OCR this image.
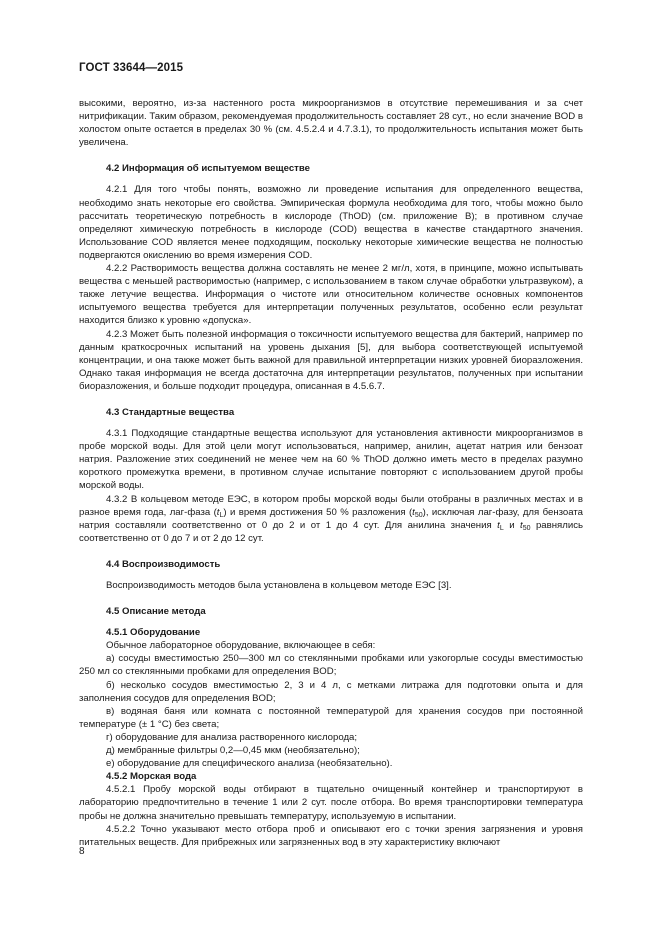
ГОСТ 33644—2015

высокими, вероятно, из-за настенного роста микроорганизмов в отсутствие перемешивания и за счет нитрификации. Таким образом, рекомендуемая продолжительность составляет 28 сут., но если значение BOD в холостом опыте остается в пределах 30 % (см. 4.5.2.4 и 4.7.3.1), то продолжительность испытания может быть увеличена.

4.2 Информация об испытуемом веществе

4.2.1 Для того чтобы понять, возможно ли проведение испытания для определенного вещества, необходимо знать некоторые его свойства. Эмпирическая формула необходима для того, чтобы можно было рассчитать теоретическую потребность в кислороде (ThOD) (см. приложение В); в противном случае определяют химическую потребность в кислороде (COD) вещества в качестве стандартного значения. Использование COD является менее подходящим, поскольку некоторые химические вещества не полностью подвергаются окислению во время измерения COD.

4.2.2 Растворимость вещества должна составлять не менее 2 мг/л, хотя, в принципе, можно испытывать вещества с меньшей растворимостью (например, с использованием в таком случае обработки ультразвуком), а также летучие вещества. Информация о чистоте или относительном количестве основных компонентов испытуемого вещества требуется для интерпретации полученных результатов, особенно если результат находится близко к уровню «допуска».

4.2.3 Может быть полезной информация о токсичности испытуемого вещества для бактерий, например по данным краткосрочных испытаний на уровень дыхания [5], для выбора соответствующей испытуемой концентрации, и она также может быть важной для правильной интерпретации низких уровней биоразложения. Однако такая информация не всегда достаточна для интерпретации результатов, полученных при испытании биоразложения, и больше подходит процедура, описанная в 4.5.6.7.

4.3 Стандартные вещества

4.3.1 Подходящие стандартные вещества используют для установления активности микроорганизмов в пробе морской воды. Для этой цели могут использоваться, например, анилин, ацетат натрия или бензоат натрия. Разложение этих соединений не менее чем на 60 % ThOD должно иметь место в пределах разумно короткого промежутка времени, в противном случае испытание повторяют с использованием другой пробы морской воды.

4.3.2 В кольцевом методе ЕЭС, в котором пробы морской воды были отобраны в различных местах и в разное время года, лаг-фаза $(t_L)$ и время достижения 50 % разложения $(t_{50})$, исключая лаг-фазу, для бензоата натрия составляли соответственно от 0 до 2 и от 1 до 4 сут. Для анилина значения $t_L$ и $t_{50}$ равнялись соответственно от 0 до 7 и от 2 до 12 сут.

4.4 Воспроизводимость

Воспроизводимость методов была установлена в кольцевом методе ЕЭС [3].

4.5 Описание метода
4.5.1 Оборудование

Обычное лабораторное оборудование, включающее в себя:

а) сосуды вместимостью 250—300 мл со стеклянными пробками или узкогорлые сосуды вместимостью 250 мл со стеклянными пробками для определения BOD;

б) несколько сосудов вместимостью 2, 3 и 4 л, с метками литража для подготовки опыта и для заполнения сосудов для определения BOD;

в) водяная баня или комната с постоянной температурой для хранения сосудов при постоянной температуре (± 1 °С) без света;

г) оборудование для анализа растворенного кислорода;

д) мембранные фильтры 0,2—0,45 мкм (необязательно);

е) оборудование для специфического анализа (необязательно).

4.5.2 Морская вода

4.5.2.1 Пробу морской воды отбирают в тщательно очищенный контейнер и транспортируют в лабораторию предпочтительно в течение 1 или 2 сут. после отбора. Во время транспортировки температура пробы не должна значительно превышать температуру, используемую в испытании.

4.5.2.2 Точно указывают место отбора проб и описывают его с точки зрения загрязнения и уровня питательных веществ. Для прибрежных или загрязненных вод в эту характеристику включают

8
